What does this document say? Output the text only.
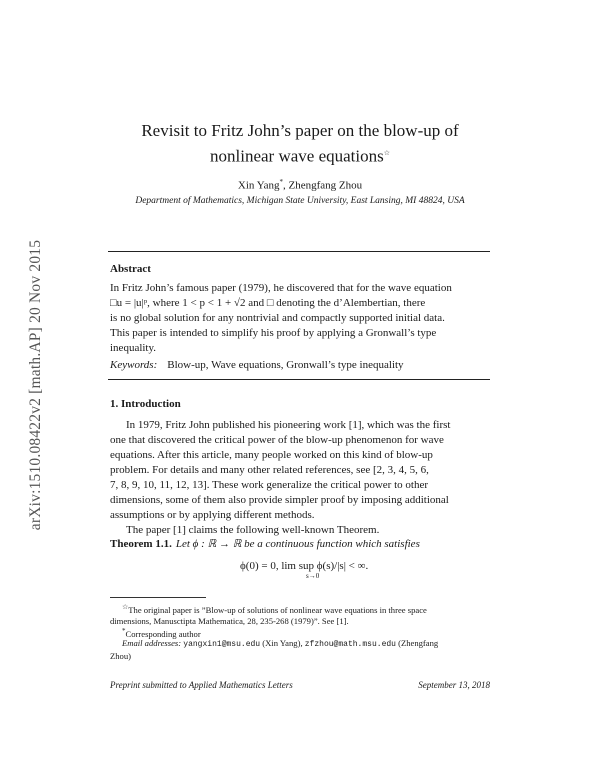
arXiv:1510.08422v2 [math.AP] 20 Nov 2015
Revisit to Fritz John’s paper on the blow-up of
nonlinear wave equations☆
Xin Yang*, Zhengfang Zhou
Department of Mathematics, Michigan State University, East Lansing, MI 48824, USA
Abstract
In Fritz John’s famous paper (1979), he discovered that for the wave equation
□u = |u|ᵖ, where 1 < p < 1 + √2 and □ denoting the d’Alembertian, there
is no global solution for any nontrivial and compactly supported initial data.
This paper is intended to simplify his proof by applying a Gronwall’s type
inequality.
Keywords: Blow-up, Wave equations, Gronwall’s type inequality
1. Introduction
In 1979, Fritz John published his pioneering work [1], which was the first
one that discovered the critical power of the blow-up phenomenon for wave
equations. After this article, many people worked on this kind of blow-up
problem. For details and many other related references, see [2, 3, 4, 5, 6,
7, 8, 9, 10, 11, 12, 13]. These work generalize the critical power to other
dimensions, some of them also provide simpler proof by imposing additional
assumptions or by applying different methods.
The paper [1] claims the following well-known Theorem.
Theorem 1.1. Let ϕ : ℝ → ℝ be a continuous function which satisfies
ϕ(0) = 0, lim sup ϕ(s)/|s| < ∞.
s→0
☆The original paper is ”Blow-up of solutions of nonlinear wave equations in three space
dimensions, Manusctipta Mathematica, 28, 235-268 (1979)”. See [1].
*Corresponding author
Email addresses: yangxin1@msu.edu (Xin Yang), zfzhou@math.msu.edu (Zhengfang
Zhou)
Preprint submitted to Applied Mathematics Letters	September 13, 2018
